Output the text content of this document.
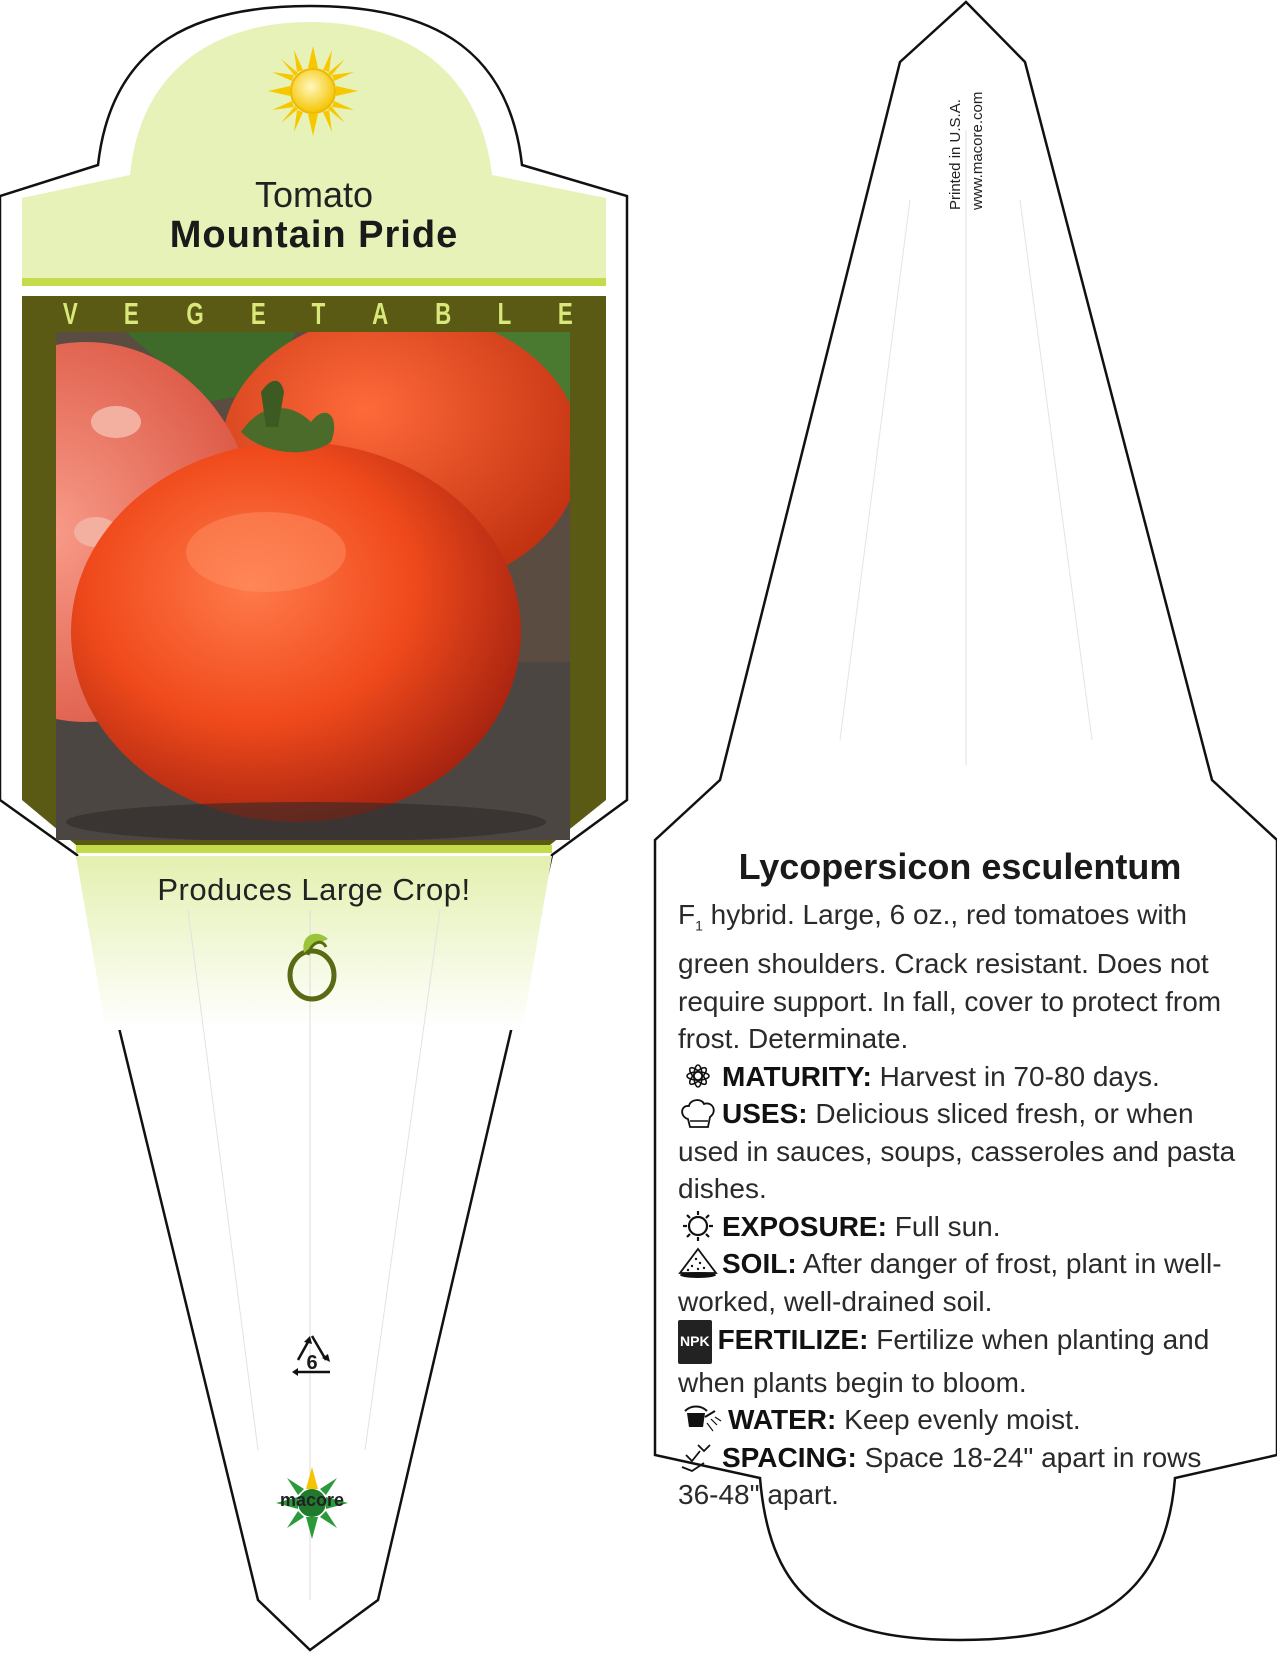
Tomato
Mountain Pride
V E G E T A B L E
Produces Large Crop!
6
macore
Printed in U.S.A. www.macore.com
Lycopersicon esculentum

$F_1$ hybrid. Large, 6 oz., red tomatoes with green shoulders. Crack resistant. Does not require support. In fall, cover to protect from frost. Determinate.

MATURITY: Harvest in 70-80 days.

USES: Delicious sliced fresh, or when used in sauces, soups, casseroles and pasta dishes.

EXPOSURE: Full sun.

SOIL: After danger of frost, plant in well-worked, well-drained soil.

NPK FERTILIZE: Fertilize when planting and when plants begin to bloom.

WATER: Keep evenly moist.

SPACING: Space 18-24" apart in rows 36-48" apart.
